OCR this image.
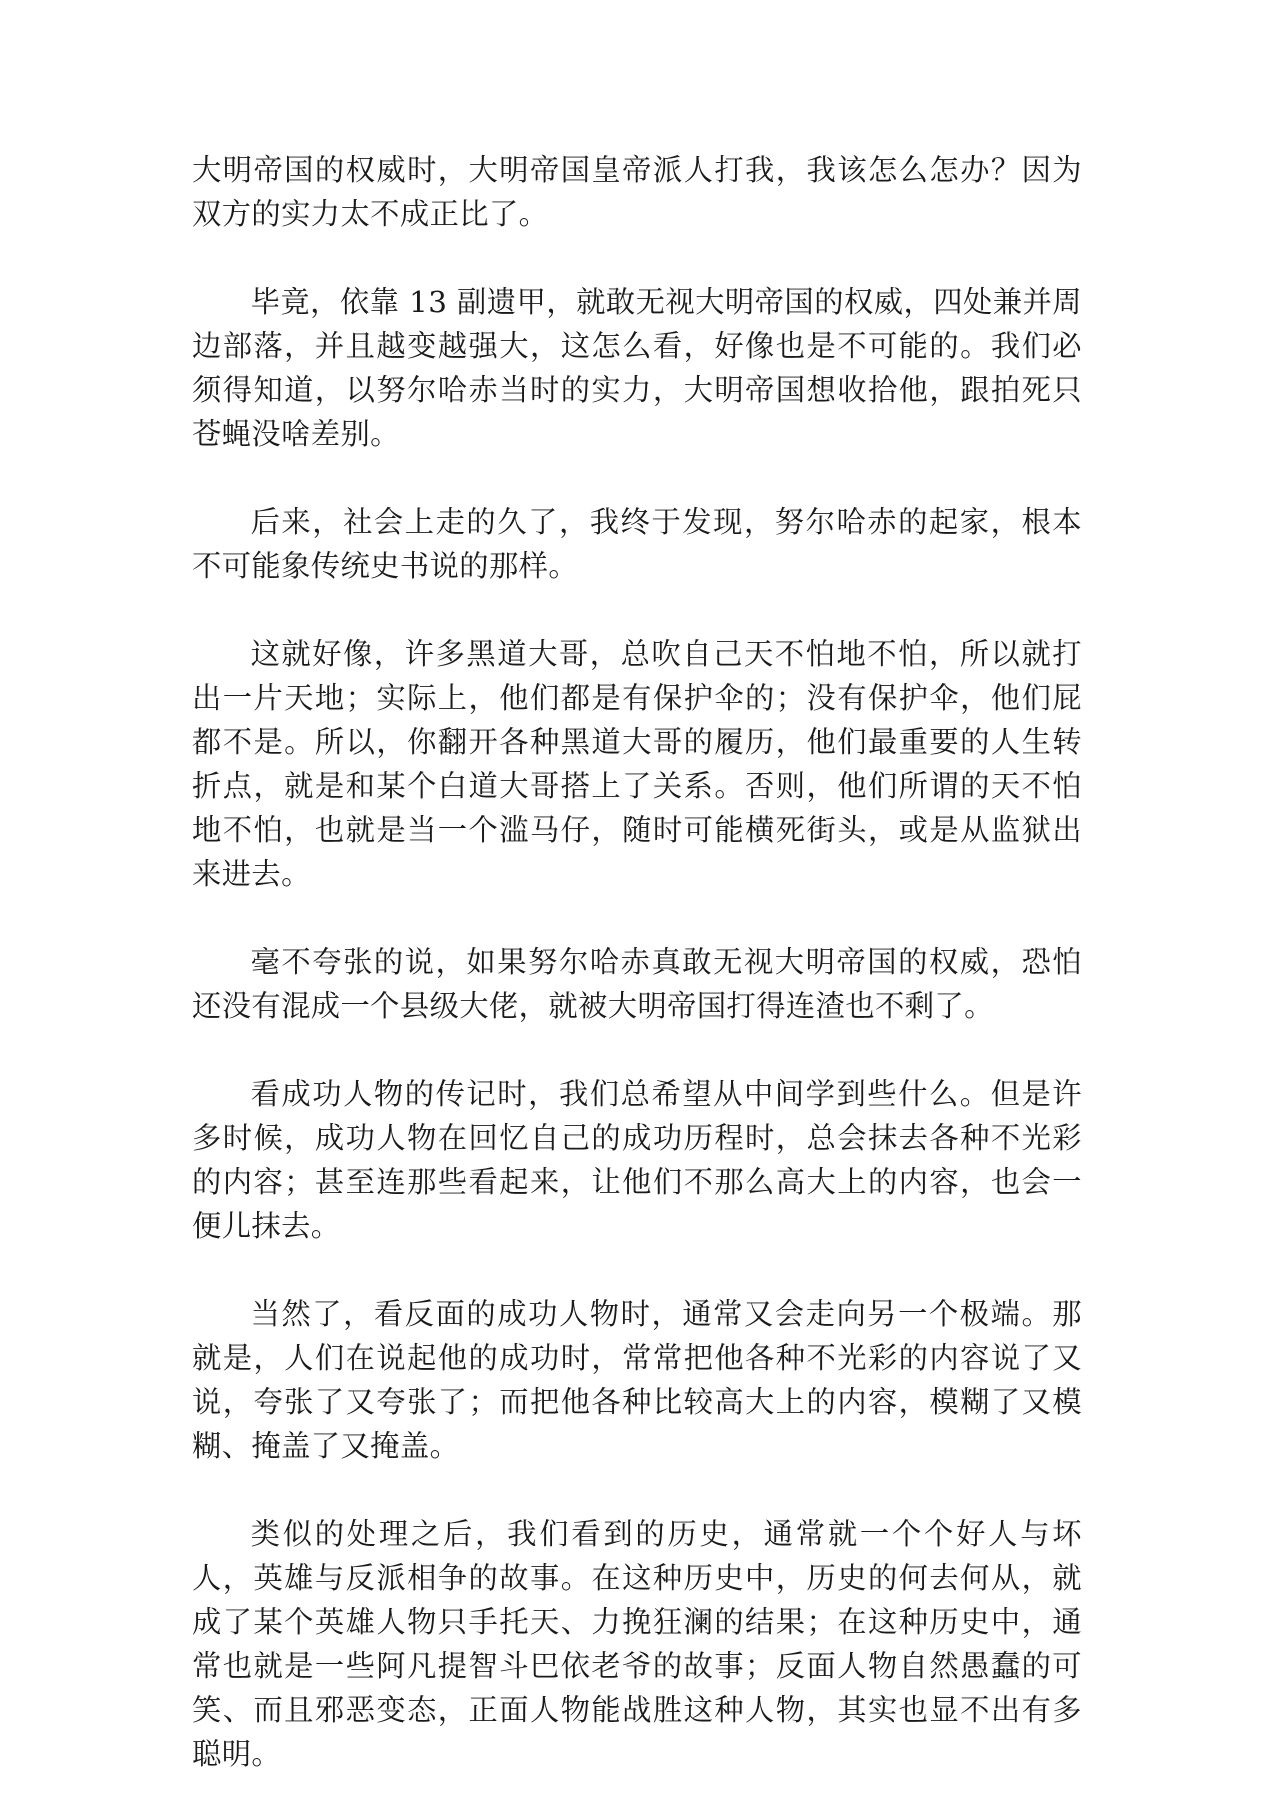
大明帝国的权威时，大明帝国皇帝派人打我，我该怎么怎办？因为双方的实力太不成正比了。

毕竟，依靠 13 副遗甲，就敢无视大明帝国的权威，四处兼并周边部落，并且越变越强大，这怎么看，好像也是不可能的。我们必须得知道，以努尔哈赤当时的实力，大明帝国想收拾他，跟拍死只苍蝇没啥差别。

后来，社会上走的久了，我终于发现，努尔哈赤的起家，根本不可能象传统史书说的那样。

这就好像，许多黑道大哥，总吹自己天不怕地不怕，所以就打出一片天地；实际上，他们都是有保护伞的；没有保护伞，他们屁都不是。所以，你翻开各种黑道大哥的履历，他们最重要的人生转折点，就是和某个白道大哥搭上了关系。否则，他们所谓的天不怕地不怕，也就是当一个滥马仔，随时可能横死街头，或是从监狱出来进去。

毫不夸张的说，如果努尔哈赤真敢无视大明帝国的权威，恐怕还没有混成一个县级大佬，就被大明帝国打得连渣也不剩了。

看成功人物的传记时，我们总希望从中间学到些什么。但是许多时候，成功人物在回忆自己的成功历程时，总会抹去各种不光彩的内容；甚至连那些看起来，让他们不那么高大上的内容，也会一便儿抹去。

当然了，看反面的成功人物时，通常又会走向另一个极端。那就是，人们在说起他的成功时，常常把他各种不光彩的内容说了又说，夸张了又夸张了；而把他各种比较高大上的内容，模糊了又模糊、掩盖了又掩盖。

类似的处理之后，我们看到的历史，通常就一个个好人与坏人，英雄与反派相争的故事。在这种历史中，历史的何去何从，就成了某个英雄人物只手托天、力挽狂澜的结果；在这种历史中，通常也就是一些阿凡提智斗巴依老爷的故事；反面人物自然愚蠢的可笑、而且邪恶变态，正面人物能战胜这种人物，其实也显不出有多聪明。
